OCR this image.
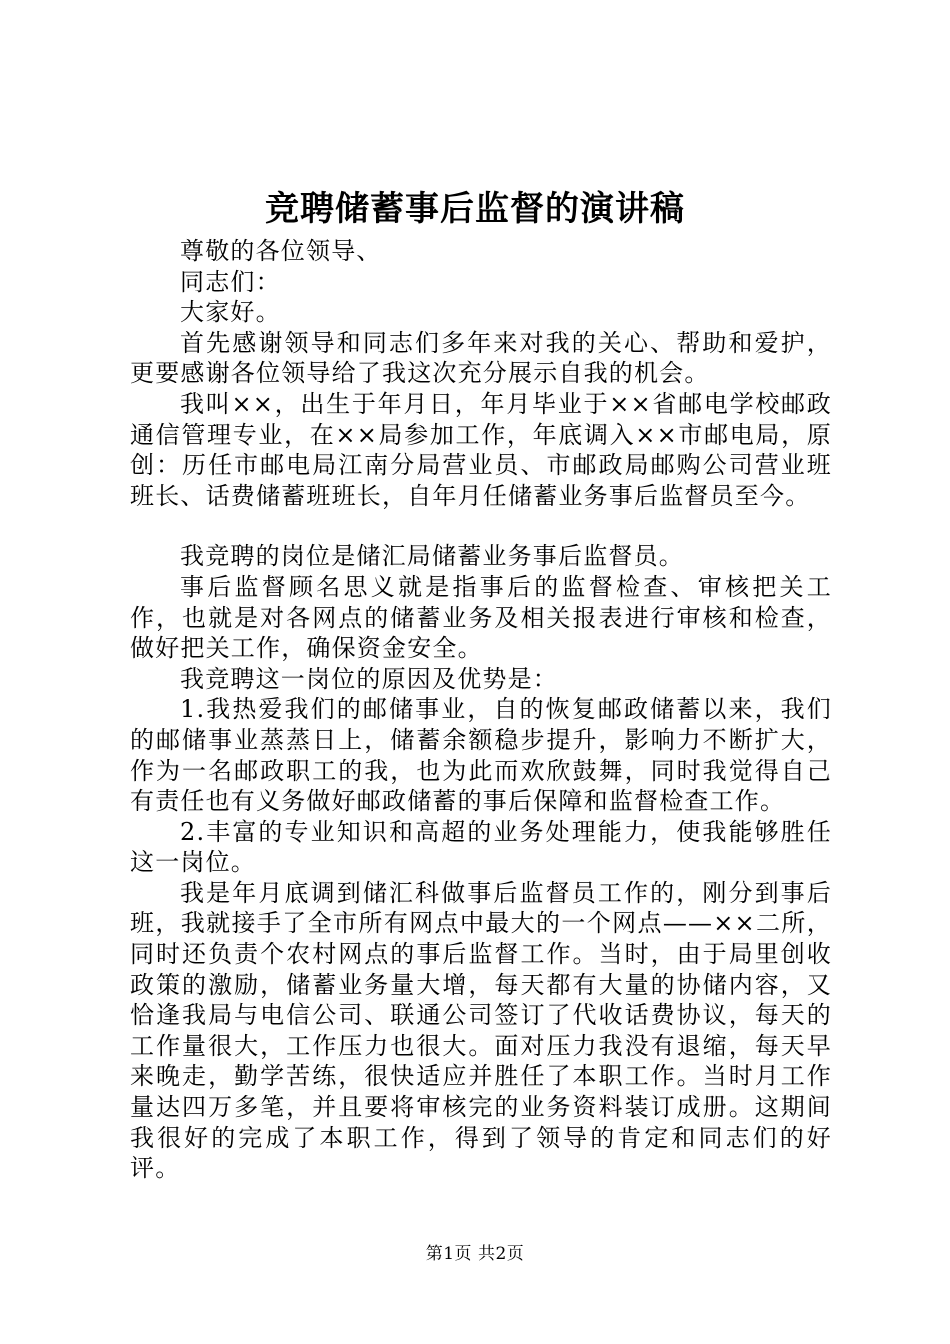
竞聘储蓄事后监督的演讲稿

尊敬的各位领导、

同志们：

大家好。

首先感谢领导和同志们多年来对我的关心、帮助和爱护，更要感谢各位领导给了我这次充分展示自我的机会。

我叫××，出生于年月日，年月毕业于××省邮电学校邮政通信管理专业，在××局参加工作，年底调入××市邮电局，原创：历任市邮电局江南分局营业员、市邮政局邮购公司营业班班长、话费储蓄班班长，自年月任储蓄业务事后监督员至今。

我竞聘的岗位是储汇局储蓄业务事后监督员。

事后监督顾名思义就是指事后的监督检查、审核把关工作，也就是对各网点的储蓄业务及相关报表进行审核和检查，做好把关工作，确保资金安全。

我竞聘这一岗位的原因及优势是：

1.我热爱我们的邮储事业，自的恢复邮政储蓄以来，我们的邮储事业蒸蒸日上，储蓄余额稳步提升，影响力不断扩大，作为一名邮政职工的我，也为此而欢欣鼓舞，同时我觉得自己有责任也有义务做好邮政储蓄的事后保障和监督检查工作。

2.丰富的专业知识和高超的业务处理能力，使我能够胜任这一岗位。

我是年月底调到储汇科做事后监督员工作的，刚分到事后班，我就接手了全市所有网点中最大的一个网点——××二所，同时还负责个农村网点的事后监督工作。当时，由于局里创收政策的激励，储蓄业务量大增，每天都有大量的协储内容，又恰逢我局与电信公司、联通公司签订了代收话费协议，每天的工作量很大，工作压力也很大。面对压力我没有退缩，每天早来晚走，勤学苦练，很快适应并胜任了本职工作。当时月工作量达四万多笔，并且要将审核完的业务资料装订成册。这期间我很好的完成了本职工作，得到了领导的肯定和同志们的好评。

第1页 共2页
